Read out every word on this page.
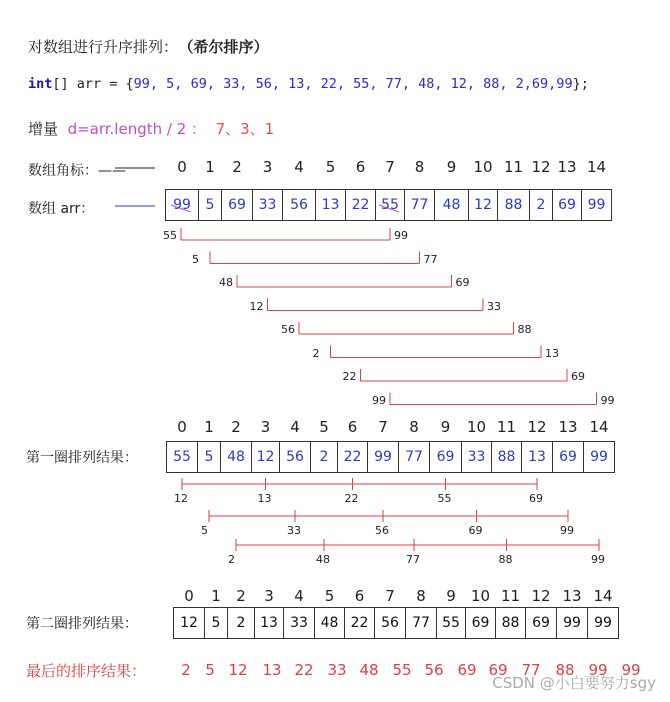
对数组进行升序排列： （希尔排序）
int[] arr = {99, 5, 69, 33, 56, 13, 22, 55, 77, 48, 12, 88, 2,69,99};
增量 d=arr.length / 2 ： 7、3、1
数组角标：——
数组 arr：
0	1	2	3	4	5	6	7	8	9	10 11 12 13 14
99	5 69 33 56 13 22 55 77	48 12 88	2 69 99
55	99
5	77
48	69
12	33
56	88
2	13
22	69
99	99
第一圈排列结果：
0	1	2	3	4	5	6	7	8	9	10 11 12 13 14
55 5 48 12 56	2	22 99 77 69 33 88 13 69 99
12	13	22	55	69
5	33	56	69	99
2	48	77	88	99
第二圈排列结果：
0	1	2	3	4	5	6	7	8	9	10 11 12 13 14
12 5	2	13 33 48 22 56 77 55 69 88 69 99 99
最后的排序结果：	2 5 12 13 22 33 48 55 56 69 69 77 88 99 99
CSDN @小白要努力sgy
